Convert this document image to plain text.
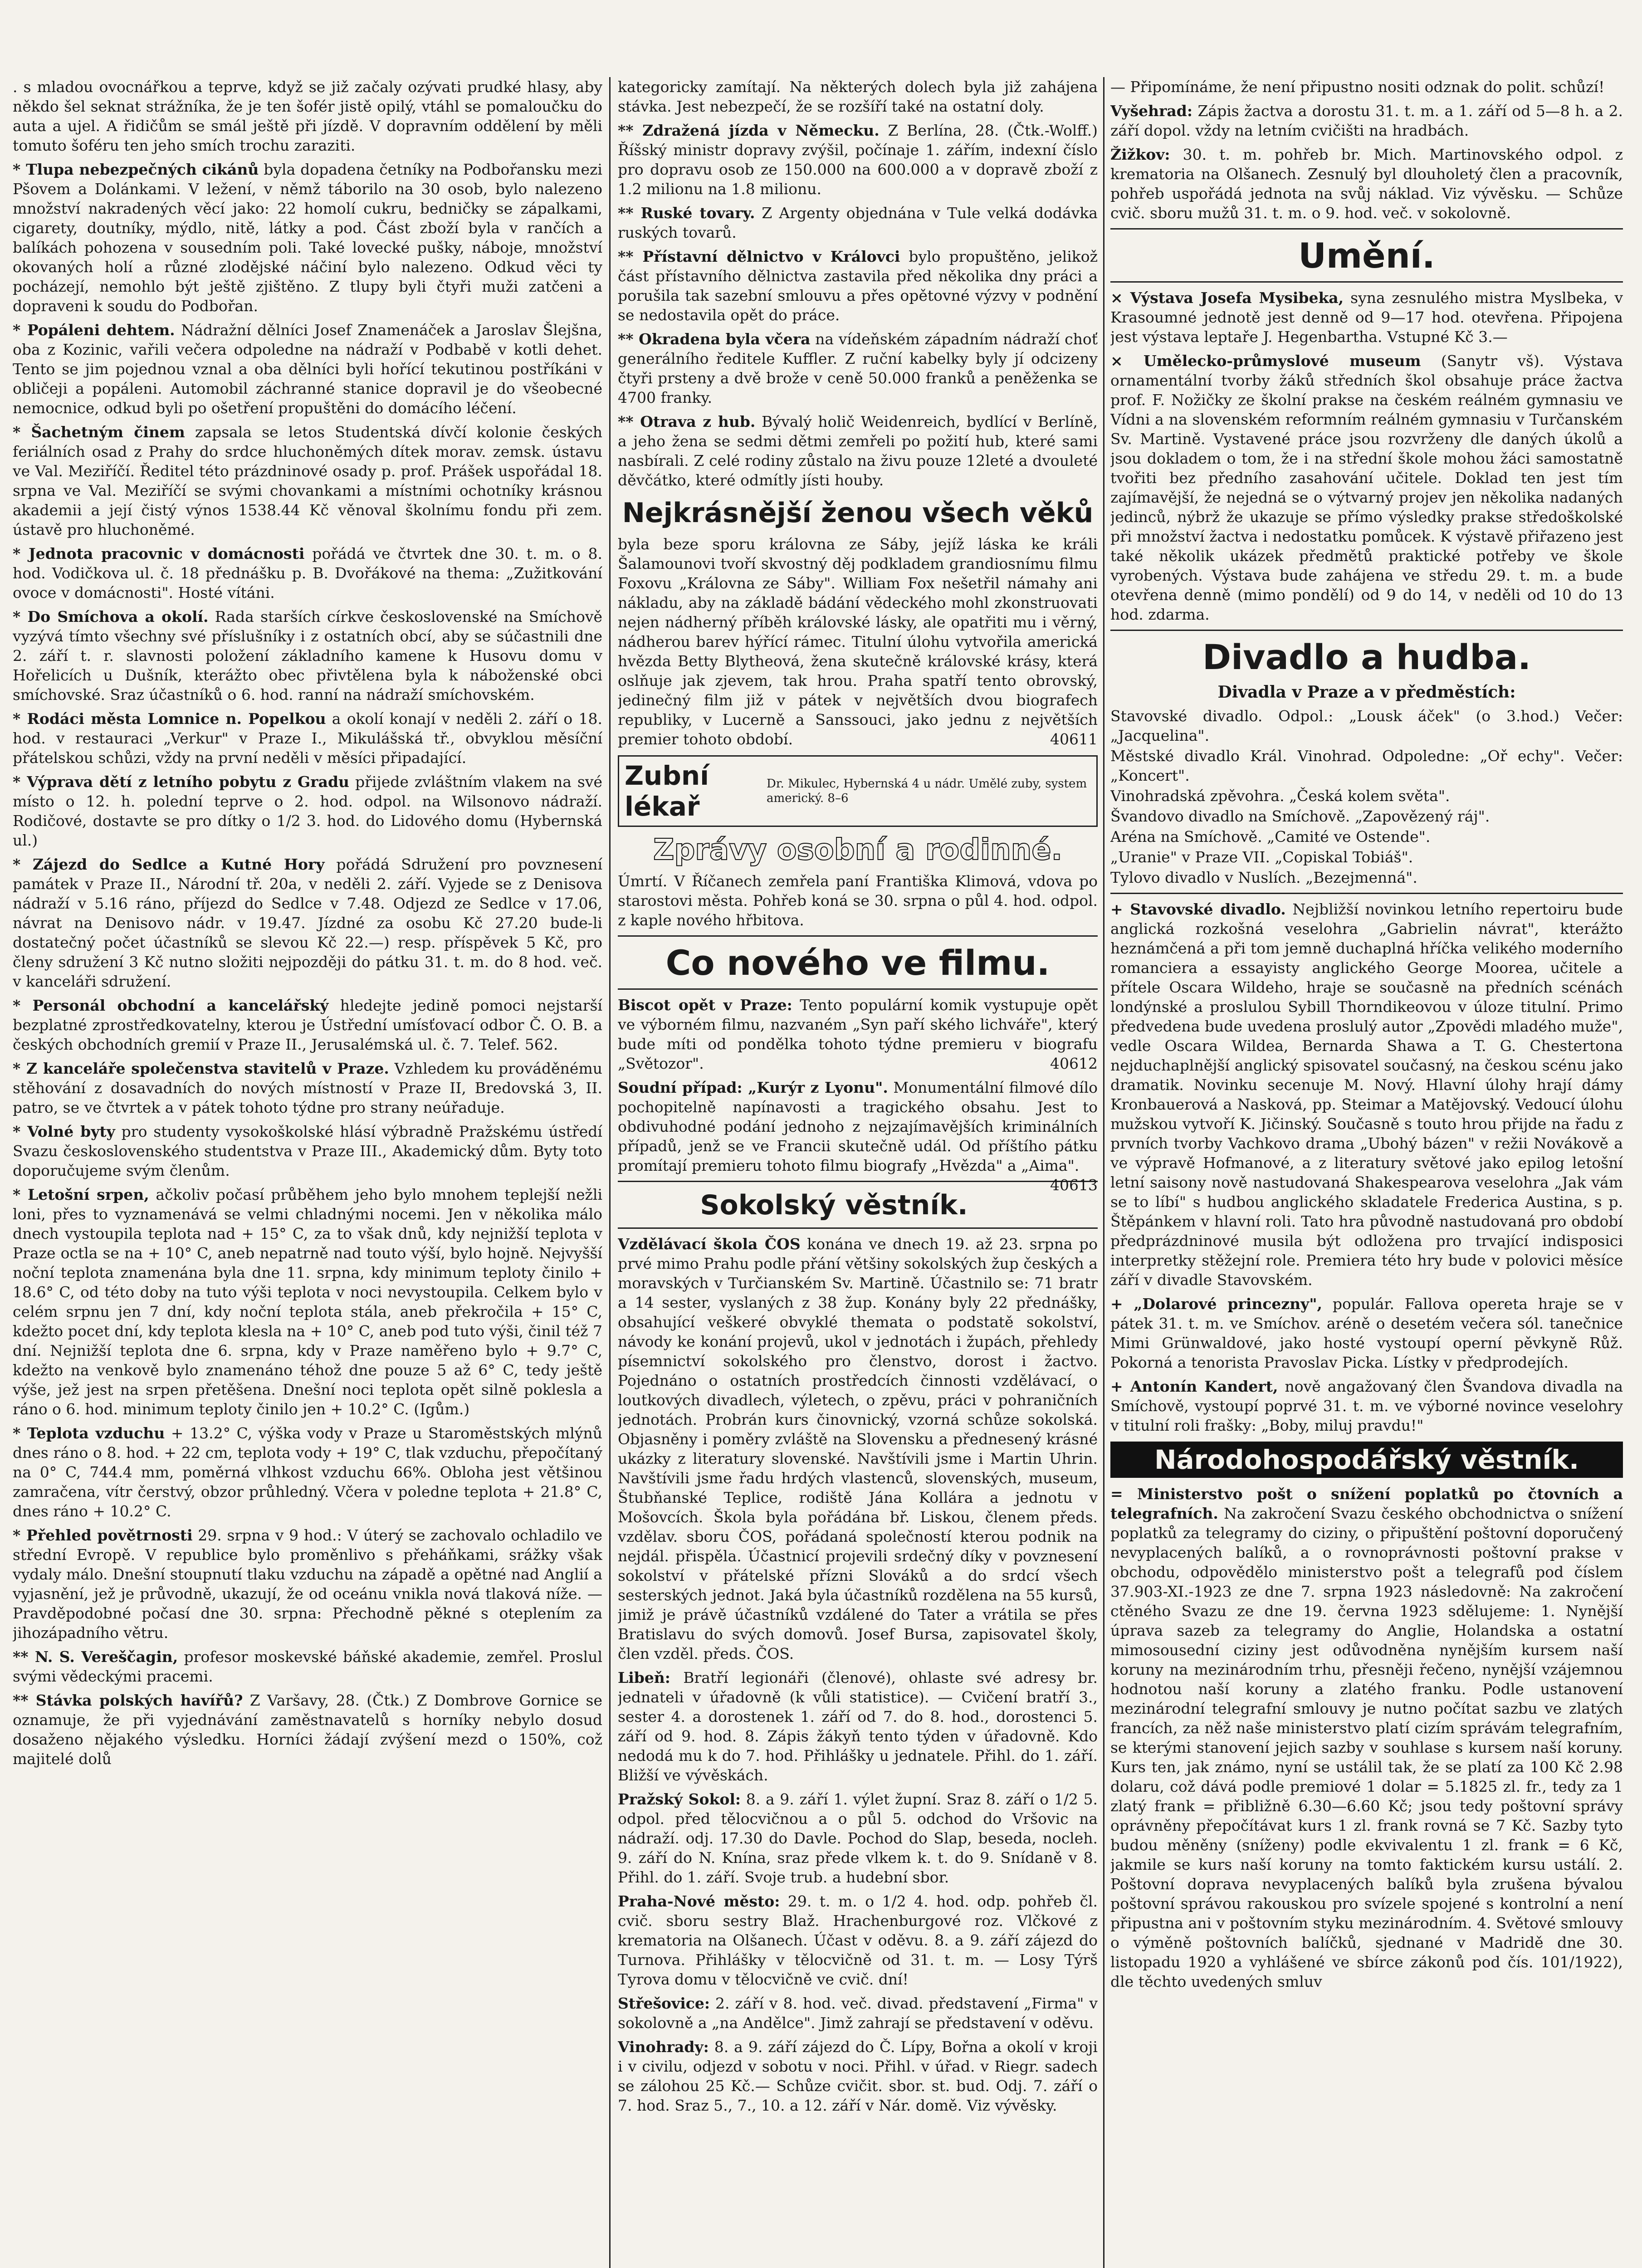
. s mladou ovocnářkou a teprve, když se již začaly ozývati prudké hlasy, aby někdo šel seknat strážníka, že je ten šofér jistě opilý, vtáhl se pomaloučku do auta a ujel. A řidičům se smál ještě při jízdě. V dopravním oddělení by měli tomuto šoféru ten jeho smích trochu zaraziti.

* Tlupa nebezpečných cikánů byla dopadena četníky na Podbořansku mezi Pšovem a Dolánkami. V ležení, v němž táborilo na 30 osob, bylo nalezeno množství nakradených věcí jako: 22 homolí cukru, bedničky se zápalkami, cigarety, doutníky, mýdlo, nitě, látky a pod. Část zboží byla v rančích a balíkách pohozena v sousedním poli. Také lovecké pušky, náboje, množství okovaných holí a různé zlodějské náčiní bylo nalezeno. Odkud věci ty pocházejí, nemohlo být ještě zjištěno. Z tlupy byli čtyři muži zatčeni a dopraveni k soudu do Podbořan.

* Popáleni dehtem. Nádražní dělníci Josef Znamenáček a Jaroslav Šlejšna, oba z Kozinic, vařili večera odpoledne na nádraží v Podbabě v kotli dehet. Tento se jim pojednou vznal a oba dělníci byli hořící tekutinou postříkáni v obličeji a popáleni. Automobil záchranné stanice dopravil je do všeobecné nemocnice, odkud byli po ošetření propuštěni do domácího léčení.

* Šachetným činem zapsala se letos Studentská dívčí kolonie českých feriálních osad z Prahy do srdce hluchoněmých dítek morav. zemsk. ústavu ve Val. Meziříčí. Ředitel této prázdninové osady p. prof. Prášek uspořádal 18. srpna ve Val. Meziříčí se svými chovankami a místními ochotníky krásnou akademii a její čistý výnos 1538.44 Kč věnoval školnímu fondu při zem. ústavě pro hluchoněmé.

* Jednota pracovnic v domácnosti pořádá ve čtvrtek dne 30. t. m. o 8. hod. Vodičkova ul. č. 18 přednášku p. B. Dvořákové na thema: „Zužitkování ovoce v domácnosti". Hosté vítáni.

* Do Smíchova a okolí. Rada starších církve československé na Smíchově vyzývá tímto všechny své příslušníky i z ostatních obcí, aby se súčastnili dne 2. září t. r. slavnosti položení základního kamene k Husovu domu v Hořelicích u Dušník, kterážto obec přivtělena byla k náboženské obci smíchovské. Sraz účastníků o 6. hod. ranní na nádraží smíchovském.

* Rodáci města Lomnice n. Popelkou a okolí konají v neděli 2. září o 18. hod. v restauraci „Verkur" v Praze I., Mikulášská tř., obvyklou měsíční přátelskou schůzi, vždy na první neděli v měsíci připadající.

* Výprava dětí z letního pobytu z Gradu přijede zvláštním vlakem na své místo o 12. h. polední teprve o 2. hod. odpol. na Wilsonovo nádraží. Rodičové, dostavte se pro dítky o 1/2 3. hod. do Lidového domu (Hybernská ul.)

* Zájezd do Sedlce a Kutné Hory pořádá Sdružení pro povznesení památek v Praze II., Národní tř. 20a, v neděli 2. září. Vyjede se z Denisova nádraží v 5.16 ráno, příjezd do Sedlce v 7.48. Odjezd ze Sedlce v 17.06, návrat na Denisovo nádr. v 19.47. Jízdné za osobu Kč 27.20 bude-li dostatečný počet účastníků se slevou Kč 22.—) resp. příspěvek 5 Kč, pro členy sdružení 3 Kč nutno složiti nejpozději do pátku 31. t. m. do 8 hod. več. v kanceláři sdružení.

* Personál obchodní a kancelářský hledejte jedině pomoci nejstarší bezplatné zprostředkovatelny, kterou je Ústřední umísťovací odbor Č. O. B. a českých obchodních gremií v Praze II., Jerusalémská ul. č. 7. Telef. 562.

* Z kanceláře společenstva stavitelů v Praze. Vzhledem ku prováděnému stěhování z dosavadních do nových místností v Praze II, Bredovská 3, II. patro, se ve čtvrtek a v pátek tohoto týdne pro strany neúřaduje.

* Volné byty pro studenty vysokoškolské hlásí výbradně Pražskému ústředí Svazu československého studentstva v Praze III., Akademický dům. Byty toto doporučujeme svým členům.

* Letošní srpen, ačkoliv počasí průběhem jeho bylo mnohem teplejší nežli loni, přes to vyznamenává se velmi chladnými nocemi. Jen v několika málo dnech vystoupila teplota nad + 15° C, za to však dnů, kdy nejnižší teplota v Praze octla se na + 10° C, aneb nepatrně nad touto výší, bylo hojně. Nejvyšší noční teplota znamenána byla dne 11. srpna, kdy minimum teploty činilo + 18.6° C, od této doby na tuto výši teplota v noci nevystoupila. Celkem bylo v celém srpnu jen 7 dní, kdy noční teplota stála, aneb překročila + 15° C, kdežto pocet dní, kdy teplota klesla na + 10° C, aneb pod tuto výši, činil též 7 dní. Nejnižší teplota dne 6. srpna, kdy v Praze naměřeno bylo + 9.7° C, kdežto na venkově bylo znamenáno téhož dne pouze 5 až 6° C, tedy ještě výše, jež jest na srpen přetěšena. Dnešní noci teplota opět silně poklesla a ráno o 6. hod. minimum teploty činilo jen + 10.2° C. (Igům.)

* Teplota vzduchu + 13.2° C, výška vody v Praze u Staroměstských mlýnů dnes ráno o 8. hod. + 22 cm, teplota vody + 19° C, tlak vzduchu, přepočítaný na 0° C, 744.4 mm, poměrná vlhkost vzduchu 66%. Obloha jest většinou zamračena, vítr čerstvý, obzor průhledný. Včera v poledne teplota + 21.8° C, dnes ráno + 10.2° C.

* Přehled povětrnosti 29. srpna v 9 hod.: V úterý se zachovalo ochladilo ve střední Evropě. V republice bylo proměnlivo s přeháňkami, srážky však vydaly málo. Dnešní stoupnutí tlaku vzduchu na západě a opětné nad Anglií a vyjasnění, jež je průvodně, ukazují, že od oceánu vnikla nová tlaková níže. — Pravděpodobné počasí dne 30. srpna: Přechodně pěkné s oteplením za jihozápadního větru.

** N. S. Vereščagin, profesor moskevské báňské akademie, zemřel. Proslul svými vědeckými pracemi.

** Stávka polských havířů? Z Varšavy, 28. (Čtk.) Z Dombrove Gornice se oznamuje, že při vyjednávání zaměstnavatelů s horníky nebylo dosud dosaženo nějakého výsledku. Horníci žádají zvýšení mezd o 150%, což majitelé dolů

kategoricky zamítají. Na některých dolech byla již zahájena stávka. Jest nebezpečí, že se rozšíří také na ostatní doly.

** Zdražená jízda v Německu. Z Berlína, 28. (Čtk.-Wolff.) Říšský ministr dopravy zvýšil, počínaje 1. zářím, indexní číslo pro dopravu osob ze 150.000 na 600.000 a v dopravě zboží z 1.2 milionu na 1.8 milionu.

** Ruské tovary. Z Argenty objednána v Tule velká dodávka ruských tovarů.

** Přístavní dělnictvo v Královci bylo propuštěno, jelikož část přístavního dělnictva zastavila před několika dny práci a porušila tak sazební smlouvu a přes opětovné výzvy v podnění se nedostavila opět do práce.

** Okradena byla včera na vídeňském západním nádraží choť generálního ředitele Kuffler. Z ruční kabelky byly jí odcizeny čtyři prsteny a dvě brože v ceně 50.000 franků a peněženka se 4700 franky.

** Otrava z hub. Bývalý holič Weidenreich, bydlící v Berlíně, a jeho žena se sedmi dětmi zemřeli po požití hub, které sami nasbírali. Z celé rodiny zůstalo na živu pouze 12leté a dvouleté děvčátko, které odmítly jísti houby.

Nejkrásnější ženou všech věků

byla beze sporu královna ze Sáby, jejíž láska ke králi Šalamounovi tvoří skvostný děj podkladem grandiosnímu filmu Foxovu „Královna ze Sáby". William Fox nešetřil námahy ani nákladu, aby na základě bádání vědeckého mohl zkonstruovati nejen nádherný příběh královské lásky, ale opatřiti mu i věrný, nádherou barev hýřící rámec. Titulní úlohu vytvořila americká hvězda Betty Blytheová, žena skutečně královské krásy, která oslňuje jak zjevem, tak hrou. Praha spatří tento obrovský, jedinečný film již v pátek v největších dvou biografech republiky, v Lucerně a Sanssouci, jako jednu z největších premier tohoto období.	40611

Zubní lékař
Dr. Mikulec, Hybernská 4 u nádr. Umělé zuby, system americký. 8–6
Zprávy osobní a rodinné.

Úmrtí. V Říčanech zemřela paní Františka Klimová, vdova po starostovi města. Pohřeb koná se 30. srpna o půl 4. hod. odpol. z kaple nového hřbitova.

Co nového ve filmu.

Biscot opět v Praze: Tento populární komik vystupuje opět ve výborném filmu, nazvaném „Syn paří ského lichváře", který bude míti od pondělka tohoto týdne premieru v biografu „Světozor".	40612

Soudní případ: „Kurýr z Lyonu". Monumentální filmové dílo pochopitelně napínavosti a tragického obsahu. Jest to obdivuhodné podání jednoho z nejzajímavějších kriminálních případů, jenž se ve Francii skutečně udál. Od příštího pátku promítají premieru tohoto filmu biografy „Hvězda" a „Aima".
40613

Sokolský věstník.

Vzdělávací škola ČOS konána ve dnech 19. až 23. srpna po prvé mimo Prahu podle přání většiny sokolských žup českých a moravských v Turčianském Sv. Martině. Účastnilo se: 71 bratr a 14 sester, vyslaných z 38 žup. Konány byly 22 přednášky, obsahující veškeré obvyklé themata o podstatě sokolství, návody ke konání projevů, ukol v jednotách i župách, přehledy písemnictví sokolského pro členstvo, dorost i žactvo. Pojednáno o ostatních prostředcích činnosti vzdělávací, o loutkových divadlech, výletech, o zpěvu, práci v pohraničních jednotách. Probrán kurs činovnický, vzorná schůze sokolská. Objasněny i poměry zvláště na Slovensku a přednesený krásné ukázky z literatury slovenské. Navštívili jsme i Martin Uhrin. Navštívili jsme řadu hrdých vlastenců, slovenských, museum, Štubňanské Teplice, rodiště Jána Kollára a jednotu v Mošovcích. Škola byla pořádána bř. Liskou, členem předs. vzdělav. sboru ČOS, pořádaná společností kterou podnik na nejdál. přispěla. Účastnicí projevili srdečný díky v povznesení sokolství v přátelské přízni Slováků a do srdcí všech sesterských jednot. Jaká byla účastníků rozdělena na 55 kursů, jimiž je právě účastníků vzdálené do Tater a vrátila se přes Bratislavu do svých domovů. Josef Bursa, zapisovatel školy, člen vzděl. předs. ČOS.

Libeň: Bratří legionáři (členové), ohlaste své adresy br. jednateli v úřadovně (k vůli statistice). — Cvičení bratří 3., sester 4. a dorostenek 1. září od 7. do 8. hod., dorostenci 5. září od 9. hod. 8. Zápis žákyň tento týden v úřadovně. Kdo nedodá mu k do 7. hod. Přihlášky u jednatele. Přihl. do 1. září. Bližší ve vývěskách.

Pražský Sokol: 8. a 9. září 1. výlet župní. Sraz 8. září o 1/2 5. odpol. před tělocvičnou a o půl 5. odchod do Vršovic na nádraží. odj. 17.30 do Davle. Pochod do Slap, beseda, nocleh. 9. září do N. Knína, sraz přede vlkem k. t. do 9. Snídaně v 8. Přihl. do 1. září. Svoje trub. a hudební sbor.

Praha-Nové město: 29. t. m. o 1/2 4. hod. odp. pohřeb čl. cvič. sboru sestry Blaž. Hrachenburgové roz. Vlčkové z krematoria na Olšanech. Účast v oděvu. 8. a 9. září zájezd do Turnova. Přihlášky v tělocvičně od 31. t. m. — Losy Týrš Tyrova domu v tělocvičně ve cvič. dní!

Střešovice: 2. září v 8. hod. več. divad. představení „Firma" v sokolovně a „na Andělce". Jimž zahrají se představení v oděvu.

Vinohrady: 8. a 9. září zájezd do Č. Lípy, Bořna a okolí v kroji i v civilu, odjezd v sobotu v noci. Přihl. v úřad. v Riegr. sadech se zálohou 25 Kč.— Schůze cvičit. sbor. st. bud. Odj. 7. září o 7. hod. Sraz 5., 7., 10. a 12. září v Nár. domě. Viz vývěsky.

— Připomínáme, že není připustno nositi odznak do polit. schůzí!

Vyšehrad: Zápis žactva a dorostu 31. t. m. a 1. září od 5—8 h. a 2. září dopol. vždy na letním cvičišti na hradbách.

Žižkov: 30. t. m. pohřeb br. Mich. Martinovského odpol. z krematoria na Olšanech. Zesnulý byl dlouholetý člen a pracovník, pohřeb uspořádá jednota na svůj náklad. Viz vývěsku. — Schůze cvič. sboru mužů 31. t. m. o 9. hod. več. v sokolovně.

Umění.

× Výstava Josefa Mysibeka, syna zesnulého mistra Myslbeka, v Krasoumné jednotě jest denně od 9—17 hod. otevřena. Připojena jest výstava leptaře J. Hegenbartha. Vstupné Kč 3.—

× Umělecko-průmyslové museum (Sanytr vš). Výstava ornamentální tvorby žáků středních škol obsahuje práce žactva prof. F. Nožičky ze školní prakse na českém reálném gymnasiu ve Vídni a na slovenském reformním reálném gymnasiu v Turčanském Sv. Martině. Vystavené práce jsou rozvrženy dle daných úkolů a jsou dokladem o tom, že i na střední škole mohou žáci samostatně tvořiti bez předního zasahování učitele. Doklad ten jest tím zajímavější, že nejedná se o výtvarný projev jen několika nadaných jedinců, nýbrž že ukazuje se přímo výsledky prakse středoškolské při množství žactva i nedostatku pomůcek. K výstavě přiřazeno jest také několik ukázek předmětů praktické potřeby ve škole vyrobených. Výstava bude zahájena ve středu 29. t. m. a bude otevřena denně (mimo pondělí) od 9 do 14, v neděli od 10 do 13 hod. zdarma.

Divadlo a hudba.
Divadla v Praze a v předměstích:

Stavovské divadlo. Odpol.: „Lousk áček" (o 3.hod.) Večer: „Jacquelina".

Městské divadlo Král. Vinohrad. Odpoledne: „Oř echy". Večer: „Koncert".

Vinohradská zpěvohra. „Česká kolem světa".

Švandovo divadlo na Smíchově. „Zapovězený ráj".

Aréna na Smíchově. „Camité ve Ostende".

„Uranie" v Praze VII. „Copiskal Tobiáš".

Tylovo divadlo v Nuslích. „Bezejmenná".

+ Stavovské divadlo. Nejbližší novinkou letního repertoiru bude anglická rozkošná veselohra „Gabrielin návrat", kterážto heznámčená a při tom jemně duchaplná hříčka velikého moderního romanciera a essayisty anglického George Moorea, učitele a přítele Oscara Wildeho, hraje se současně na předních scénách londýnské a proslulou Sybill Thorndikeovou v úloze titulní. Primo předvedena bude uvedena proslulý autor „Zpovědi mladého muže", vedle Oscara Wildea, Bernarda Shawa a T. G. Chestertona nejduchaplnější anglický spisovatel současný, na českou scénu jako dramatik. Novinku secenuje M. Nový. Hlavní úlohy hrají dámy Kronbauerová a Nasková, pp. Steimar a Matějovský. Vedoucí úlohu mužskou vytvoří K. Jičinský. Současně s touto hrou přijde na řadu z prvních tvorby Vachkovo drama „Ubohý bázen" v režii Novákově a ve výpravě Hofmanové, a z literatury světové jako epilog letošní letní saisony nově nastudovaná Shakespearova veselohra „Jak vám se to líbí" s hudbou anglického skladatele Frederica Austina, s p. Štěpánkem v hlavní roli. Tato hra původně nastudovaná pro období předprázdninové musila být odložena pro trvající indisposici interpretky stěžejní role. Premiera této hry bude v polovici měsíce září v divadle Stavovském.

+ „Dolarové princezny", populár. Fallova opereta hraje se v pátek 31. t. m. ve Smíchov. aréně o desetém večera sól. tanečnice Mimi Grünwaldové, jako hosté vystoupí operní pěvkyně Růž. Pokorná a tenorista Pravoslav Picka. Lístky v předprodejích.

+ Antonín Kandert, nově angažovaný člen Švandova divadla na Smíchově, vystoupí poprvé 31. t. m. ve výborné novince veselohry v titulní roli frašky: „Boby, miluj pravdu!"

Národohospodářský věstník.

= Ministerstvo pošt o snížení poplatků po čtovních a telegrafních. Na zakročení Svazu českého obchodnictva o snížení poplatků za telegramy do ciziny, o připuštění poštovní doporučený nevyplacených balíků, a o rovnoprávnosti poštovní prakse v obchodu, odpovědělo ministerstvo pošt a telegrafů pod číslem 37.903-XI.-1923 ze dne 7. srpna 1923 následovně: Na zakročení ctěného Svazu ze dne 19. června 1923 sdělujeme: 1. Nynější úprava sazeb za telegramy do Anglie, Holandska a ostatní mimosousední ciziny jest odůvodněna nynějším kursem naší koruny na mezinárodním trhu, přesněji řečeno, nynější vzájemnou hodnotou naší koruny a zlatého franku. Podle ustanovení mezinárodní telegrafní smlouvy je nutno počítat sazbu ve zlatých francích, za něž naše ministerstvo platí cizím správám telegrafním, se kterými stanovení jejich sazby v souhlase s kursem naší koruny. Kurs ten, jak známo, nyní se ustálil tak, že se platí za 100 Kč 2.98 dolaru, což dává podle premiové 1 dolar = 5.1825 zl. fr., tedy za 1 zlatý frank = přibližně 6.30—6.60 Kč; jsou tedy poštovní správy oprávněny přepočítávat kurs 1 zl. frank rovná se 7 Kč. Sazby tyto budou měněny (sníženy) podle ekvivalentu 1 zl. frank = 6 Kč, jakmile se kurs naší koruny na tomto faktickém kursu ustálí. 2. Poštovní doprava nevyplacených balíků byla zrušena bývalou poštovní správou rakouskou pro svízele spojené s kontrolní a není připustna ani v poštovním styku mezinárodním. 4. Světové smlouvy o výměně poštovních balíčků, sjednané v Madridě dne 30. listopadu 1920 a vyhlášené ve sbírce zákonů pod čís. 101/1922), dle těchto uvedených smluv
